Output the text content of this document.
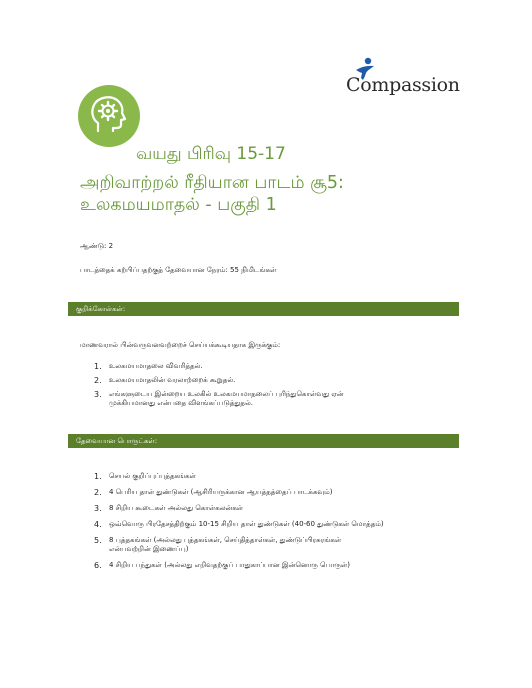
Compassion
வயது பிரிவு 15-17
அறிவாற்றல் ரீதியான பாடம் சூ5: உலகமயமாதல் - பகுதி 1
ஆண்டு: 2
பாடத்தைக் கற்பிப்பதற்குத் தேவையான நேரம்: 55 நிமிடங்கள்
குறிக்கோள்கள்:
மாணவரால் பின்வருவனவற்றைச் செய்யக்கூடியதாக இருக்கும்:
1. உலகமயமாதலை விவரித்தல்.
2. உலகமயமாதலின் வரலாற்றைக் கூறுதல்.
3. எங்களுடைய இன்றைய உலகில் உலகமயமாதலைப் புரிந்துகொள்வது ஏன் முக்கியமானது என்பதை விளங்கப்படுத்துதல்.
தேவையான பொருட்கள்:
1. செயல் குறிப்புப்புத்தகங்கள்
2. 4 பெரிய தாள் துண்டுகள் (ஆசிரியருக்கான ஆயத்தத்தைப் பாடக்கவும்)
3. 8 சிறிய கூடைகள் அல்லது கொள்கலன்கள்
4. ஒவ்வொரு பிரதேசத்திற்கும் 10-15 சிறிய தாள் துண்டுகள் (40-60 துண்டுகள் மொத்தம்)
5. 8 புத்தகங்கள் (அல்லது புத்தகங்கள், செய்தித்தாள்கள், துண்டுப்பிரசுரங்கள் என்பவற்றின் இணைப்பு)
6. 4 சிறிய பந்துகள் (அல்லது எறிவதற்குப் பாதுகாப்பான இன்னொரு பொருள்)
